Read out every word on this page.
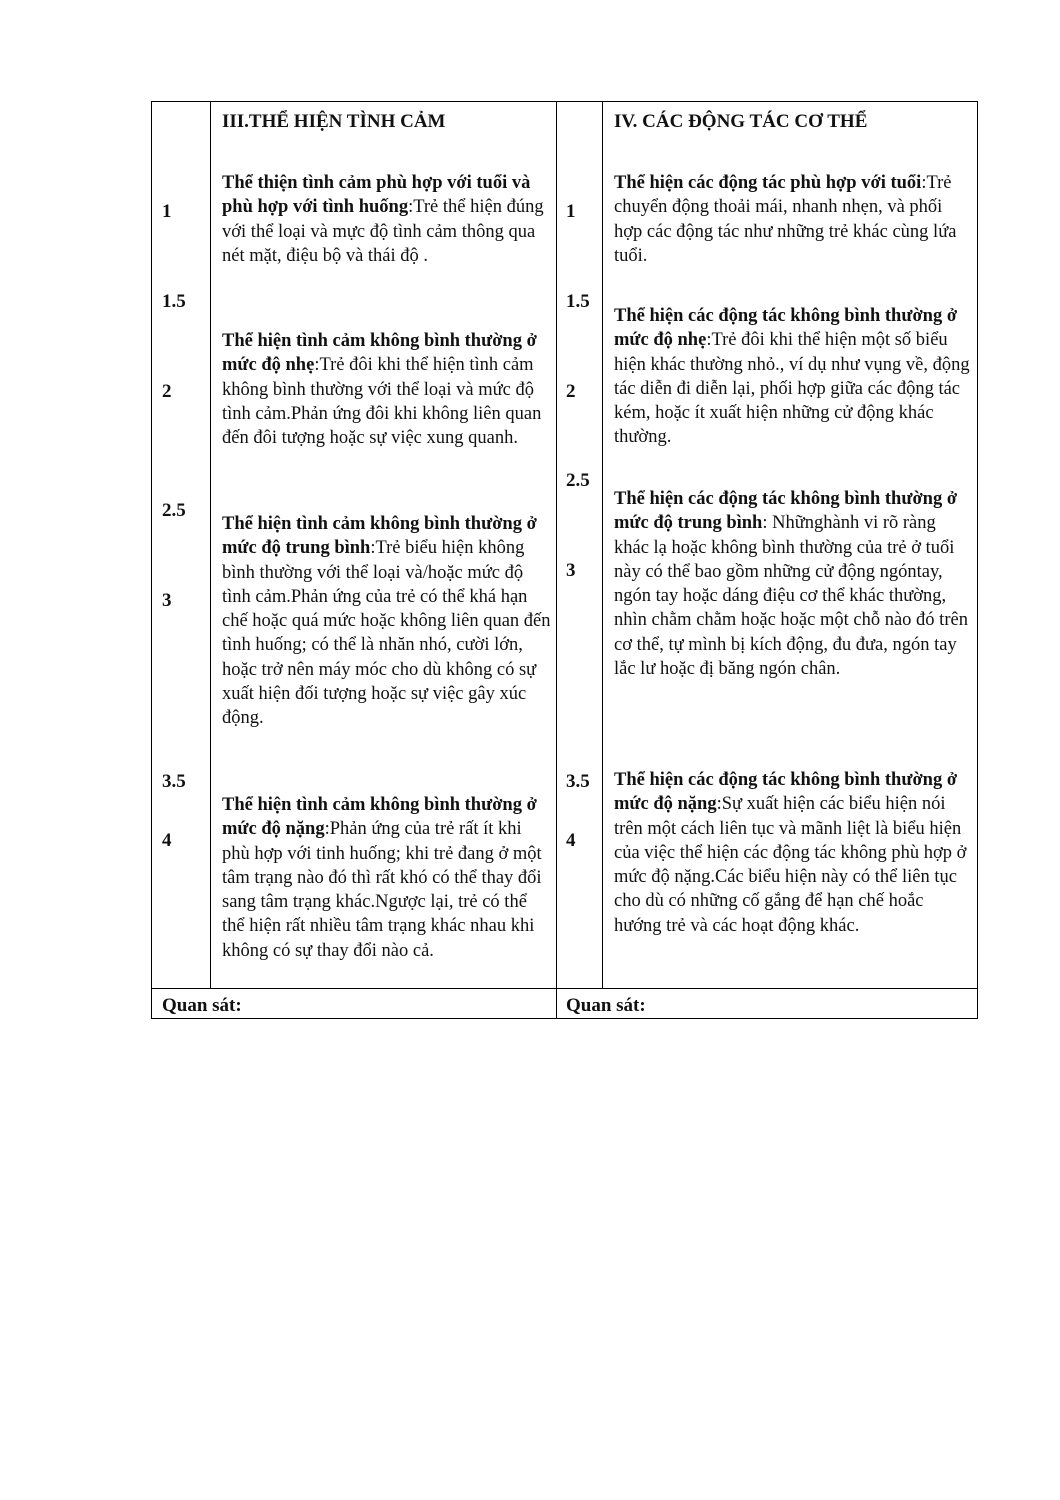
III.THỂ HIỆN TÌNH CẢM
1
1.5
2
2.5
3
3.5
4
Thể thiện tình cảm phù hợp với tuổi và phù hợp với tình huống:Trẻ thể hiện đúng với thể loại và mực độ tình cảm thông qua nét mặt, điệu bộ và thái độ .
Thể hiện tình cảm không bình thường ở mức độ nhẹ:Trẻ đôi khi thể hiện tình cảm không bình thường với thể loại và mức độ tình cảm.Phản ứng đôi khi không liên quan đến đôi tượng hoặc sự việc xung quanh.
Thể hiện tình cảm không bình thường ở mức độ trung bình:Trẻ biểu hiện không bình thường với thể loại và/hoặc mức độ tình cảm.Phản ứng của trẻ có thể khá hạn chế hoặc quá mức hoặc không liên quan đến tình huống; có thể là nhăn nhó, cười lớn, hoặc trở nên máy móc cho dù không có sự xuất hiện đối tượng hoặc sự việc gây xúc động.
Thể hiện tình cảm không bình thường ở mức độ nặng:Phản ứng của trẻ rất ít khi phù hợp với tinh huống; khi trẻ đang ở một tâm trạng nào đó thì rất khó có thể thay đổi sang tâm trạng khác.Ngược lại, trẻ có thể thể hiện rất nhiều tâm trạng khác nhau khi không có sự thay đổi nào cả.
Quan sát:
IV. CÁC ĐỘNG TÁC CƠ THỂ
1
1.5
2
2.5
3
3.5
4
Thể hiện các động tác phù hợp với tuổi:Trẻ chuyển động thoải mái, nhanh nhẹn, và phối hợp các động tác như những trẻ khác cùng lứa tuổi.
Thể hiện các động tác không bình thường ở mức độ nhẹ:Trẻ đôi khi thể hiện một số biểu hiện khác thường nhỏ., ví dụ như vụng về, động tác diễn đi diễn lại, phối hợp giữa các động tác kém, hoặc ít xuất hiện những cử động khác thường.
Thể hiện các động tác không bình thường ở mức độ trung bình: Nhữnghành vi rõ ràng khác lạ hoặc không bình thường của trẻ ở tuổi này có thể bao gồm những cử động ngóntay, ngón tay hoặc dáng điệu cơ thể khác thường, nhìn chằm chằm hoặc hoặc một chỗ nào đó trên cơ thể, tự mình bị kích động, đu đưa, ngón tay lắc lư hoặc đị băng ngón chân.
Thể hiện các động tác không bình thường ở mức độ nặng:Sự xuất hiện các biểu hiện nói trên một cách liên tục và mãnh liệt là biểu hiện của việc thể hiện các động tác không phù hợp ở mức độ nặng.Các biểu hiện này có thể liên tục cho dù có những cố gắng để hạn chế hoắc hướng trẻ và các hoạt động khác.
Quan sát:
